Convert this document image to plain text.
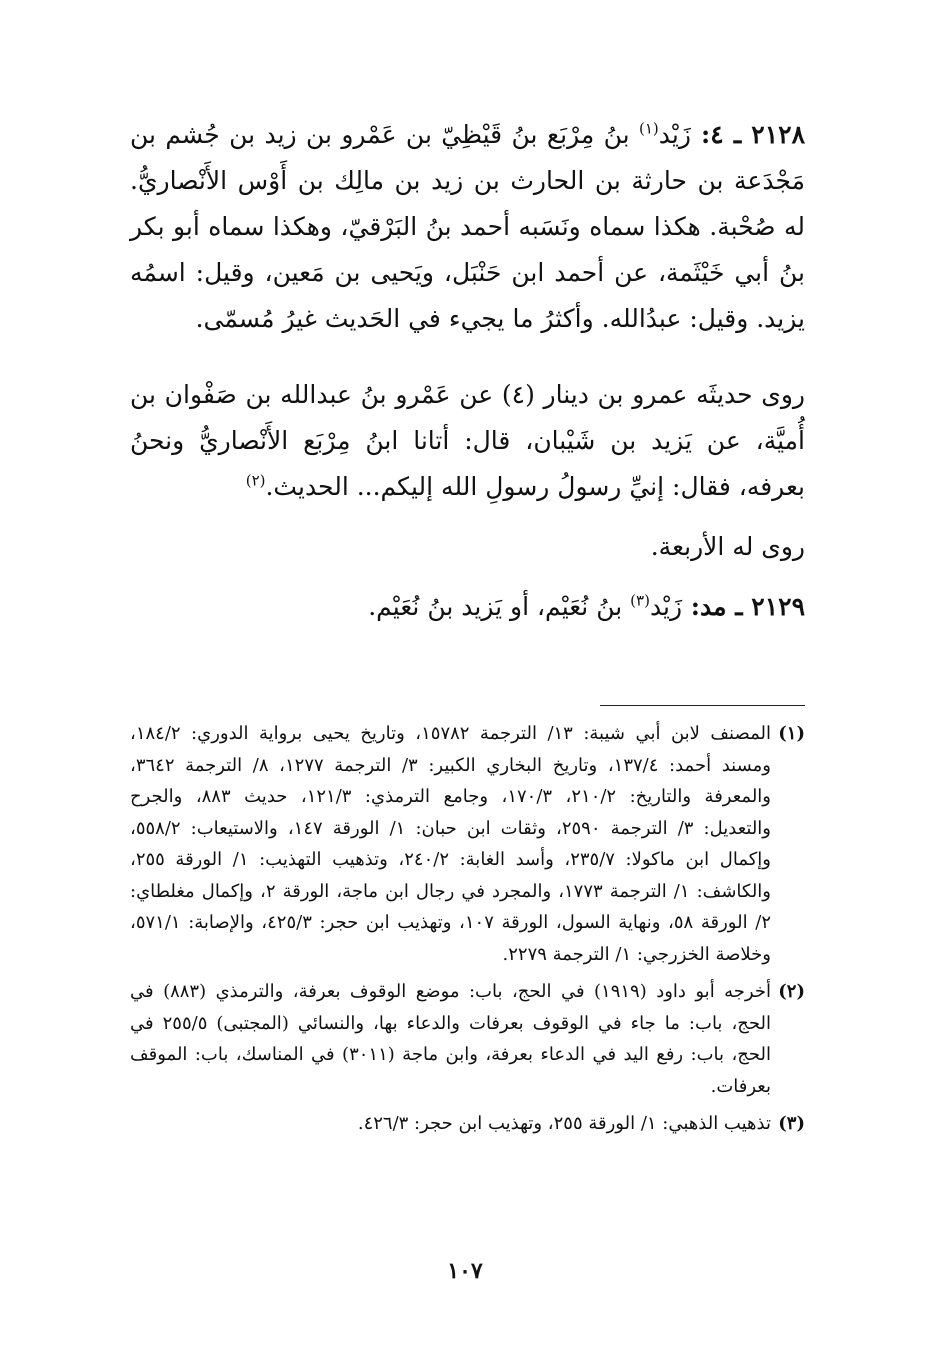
٢١٢٨ ـ ٤: زَيْد$^{(١)}$ بنُ مِرْبَع بنُ قَيْظِيّ بن عَمْرو بن زيد بن جُشم بن مَجْدَعة بن حارثة بن الحارث بن زيد بن مالِك بن أَوْس الأَنْصاريُّ. له صُحْبة. هكذا سماه ونَسَبه أحمد بنُ البَرْقيّ، وهكذا سماه أبو بكر بنُ أبي خَيْثَمة، عن أحمد ابن حَنْبَل، ويَحيى بن مَعين، وقيل: اسمُه يزيد. وقيل: عبدُالله. وأكثرُ ما يجيء في الحَديث غيرُ مُسمّى.

روى حديثَه عمرو بن دينار (٤) عن عَمْرو بنُ عبدالله بن صَفْوان بن أُميَّة، عن يَزيد بن شَيْبان، قال: أتانا ابنُ مِرْبَع الأَنْصاريُّ ونحنُ بعرفه، فقال: إنيِّ رسولُ رسولِ الله إليكم... الحديث.$^{(٢)}$

روى له الأربعة.

٢١٢٩ ـ مد: زَيْد$^{(٣)}$ بنُ نُعَيْم، أو يَزيد بنُ نُعَيْم.

(١)
المصنف لابن أبي شيبة: ١٣/ الترجمة ١٥٧٨٢، وتاريخ يحيى برواية الدوري: ١٨٤/٢، ومسند أحمد: ١٣٧/٤، وتاريخ البخاري الكبير: ٣/ الترجمة ١٢٧٧، ٨/ الترجمة ٣٦٤٢، والمعرفة والتاريخ: ٢١٠/٢، ١٧٠/٣، وجامع الترمذي: ١٢١/٣، حديث ٨٨٣، والجرح والتعديل: ٣/ الترجمة ٢٥٩٠، وثقات ابن حبان: ١/ الورقة ١٤٧، والاستيعاب: ٥٥٨/٢، وإكمال ابن ماكولا: ٢٣٥/٧، وأسد الغابة: ٢٤٠/٢، وتذهيب التهذيب: ١/ الورقة ٢٥٥، والكاشف: ١/ الترجمة ١٧٧٣، والمجرد في رجال ابن ماجة، الورقة ٢، وإكمال مغلطاي: ٢/ الورقة ٥٨، ونهاية السول، الورقة ١٠٧، وتهذيب ابن حجر: ٤٢٥/٣، والإصابة: ٥٧١/١، وخلاصة الخزرجي: ١/ الترجمة ٢٢٧٩.
(٢)
أخرجه أبو داود (١٩١٩) في الحج، باب: موضع الوقوف بعرفة، والترمذي (٨٨٣) في الحج، باب: ما جاء في الوقوف بعرفات والدعاء بها، والنسائي (المجتبى) ٢٥٥/٥ في الحج، باب: رفع اليد في الدعاء بعرفة، وابن ماجة (٣٠١١) في المناسك، باب: الموقف بعرفات.
(٣)
تذهيب الذهبي: ١/ الورقة ٢٥٥، وتهذيب ابن حجر: ٤٢٦/٣.
١٠٧
